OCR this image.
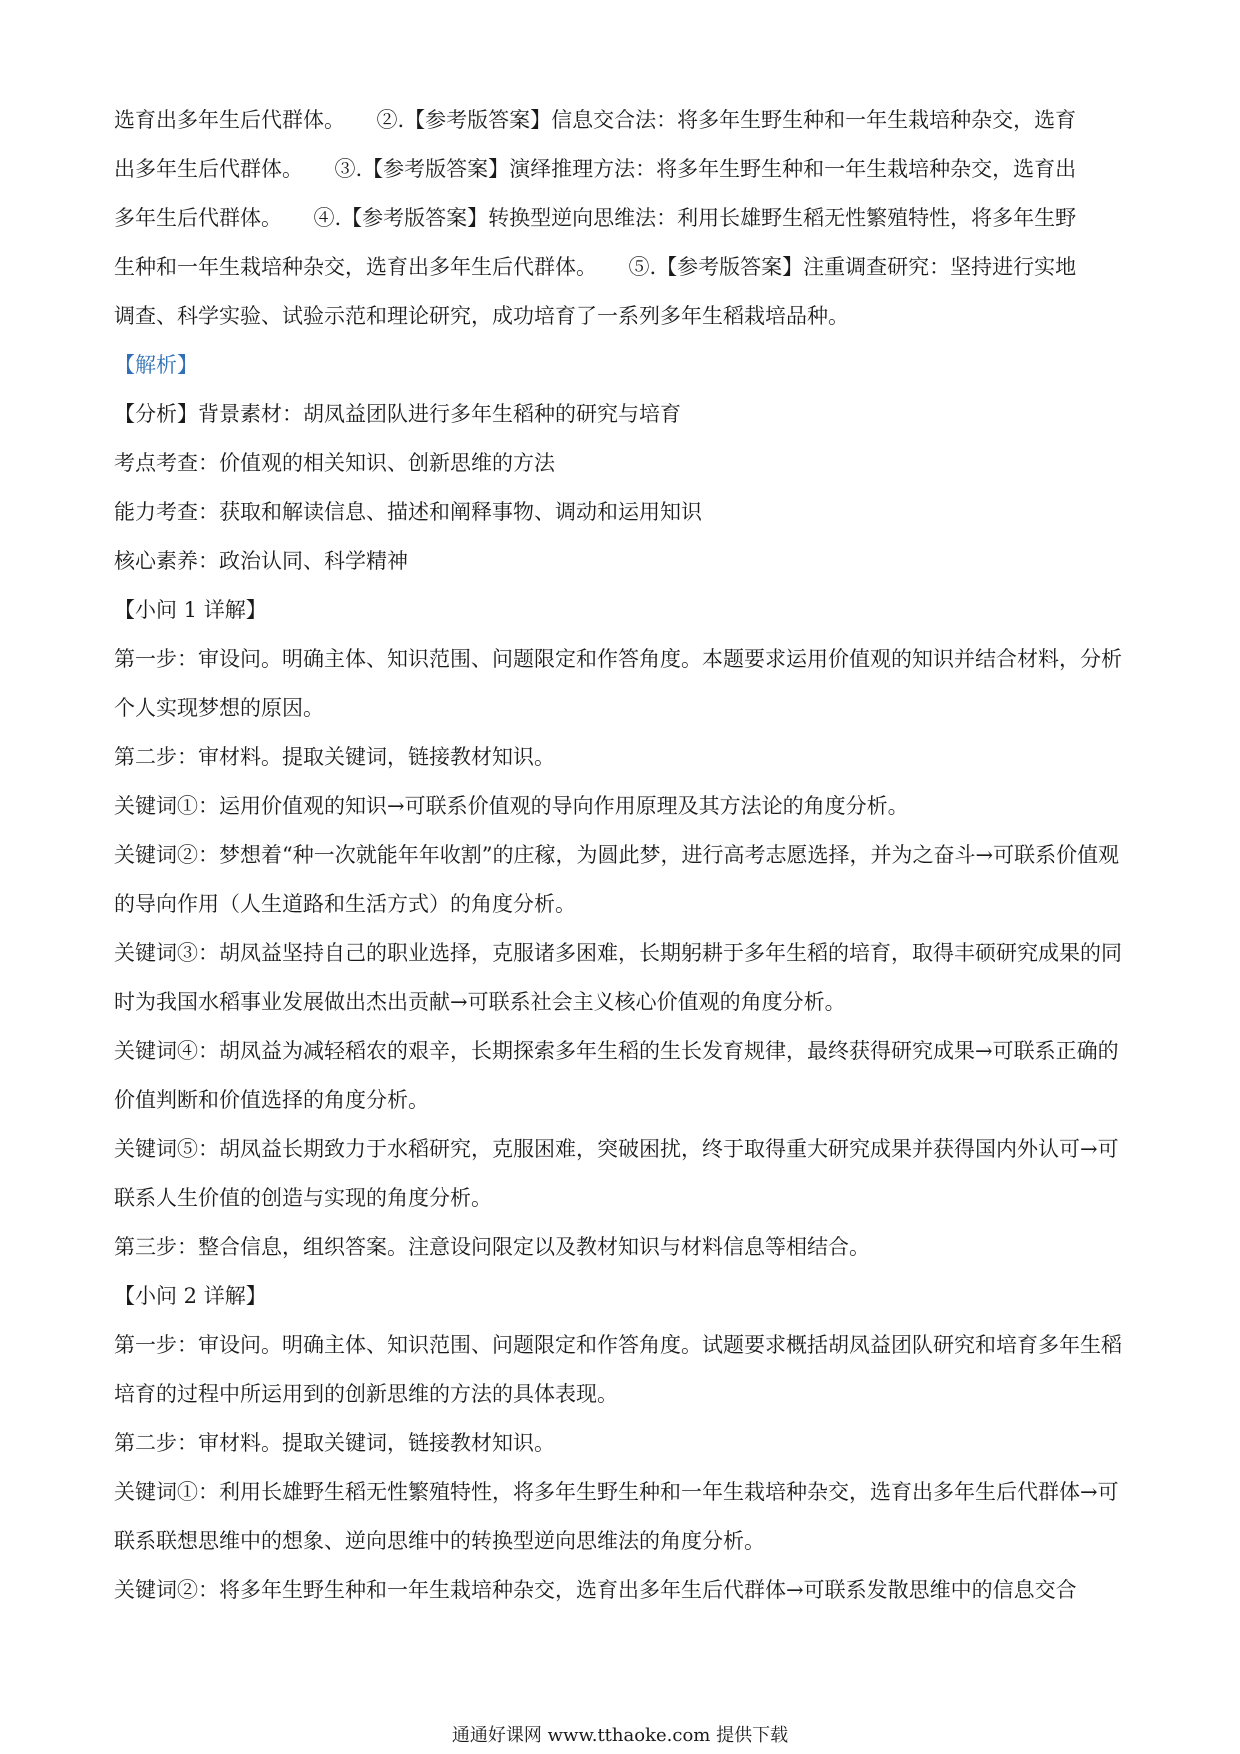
选育出多年生后代群体。　　②.【参考版答案】信息交合法：将多年生野生种和一年生栽培种杂交，选育

出多年生后代群体。　　③.【参考版答案】演绎推理方法：将多年生野生种和一年生栽培种杂交，选育出

多年生后代群体。　　④.【参考版答案】转换型逆向思维法：利用长雄野生稻无性繁殖特性，将多年生野

生种和一年生栽培种杂交，选育出多年生后代群体。　　⑤.【参考版答案】注重调查研究：坚持进行实地

调查、科学实验、试验示范和理论研究，成功培育了一系列多年生稻栽培品种。

【解析】

【分析】背景素材：胡凤益团队进行多年生稻种的研究与培育

考点考查：价值观的相关知识、创新思维的方法

能力考查：获取和解读信息、描述和阐释事物、调动和运用知识

核心素养：政治认同、科学精神

【小问 1 详解】

第一步：审设问。明确主体、知识范围、问题限定和作答角度。本题要求运用价值观的知识并结合材料，分析个人实现梦想的原因。

第二步：审材料。提取关键词，链接教材知识。

关键词①：运用价值观的知识→可联系价值观的导向作用原理及其方法论的角度分析。

关键词②：梦想着“种一次就能年年收割”的庄稼，为圆此梦，进行高考志愿选择，并为之奋斗→可联系价值观的导向作用（人生道路和生活方式）的角度分析。

关键词③：胡凤益坚持自己的职业选择，克服诸多困难，长期躬耕于多年生稻的培育，取得丰硕研究成果的同时为我国水稻事业发展做出杰出贡献→可联系社会主义核心价值观的角度分析。

关键词④：胡凤益为减轻稻农的艰辛，长期探索多年生稻的生长发育规律，最终获得研究成果→可联系正确的价值判断和价值选择的角度分析。

关键词⑤：胡凤益长期致力于水稻研究，克服困难，突破困扰，终于取得重大研究成果并获得国内外认可→可联系人生价值的创造与实现的角度分析。

第三步：整合信息，组织答案。注意设问限定以及教材知识与材料信息等相结合。

【小问 2 详解】

第一步：审设问。明确主体、知识范围、问题限定和作答角度。试题要求概括胡凤益团队研究和培育多年生稻培育的过程中所运用到的创新思维的方法的具体表现。

第二步：审材料。提取关键词，链接教材知识。

关键词①：利用长雄野生稻无性繁殖特性，将多年生野生种和一年生栽培种杂交，选育出多年生后代群体→可联系联想思维中的想象、逆向思维中的转换型逆向思维法的角度分析。

关键词②：将多年生野生种和一年生栽培种杂交，选育出多年生后代群体→可联系发散思维中的信息交合

通通好课网 www.tthaoke.com 提供下载
